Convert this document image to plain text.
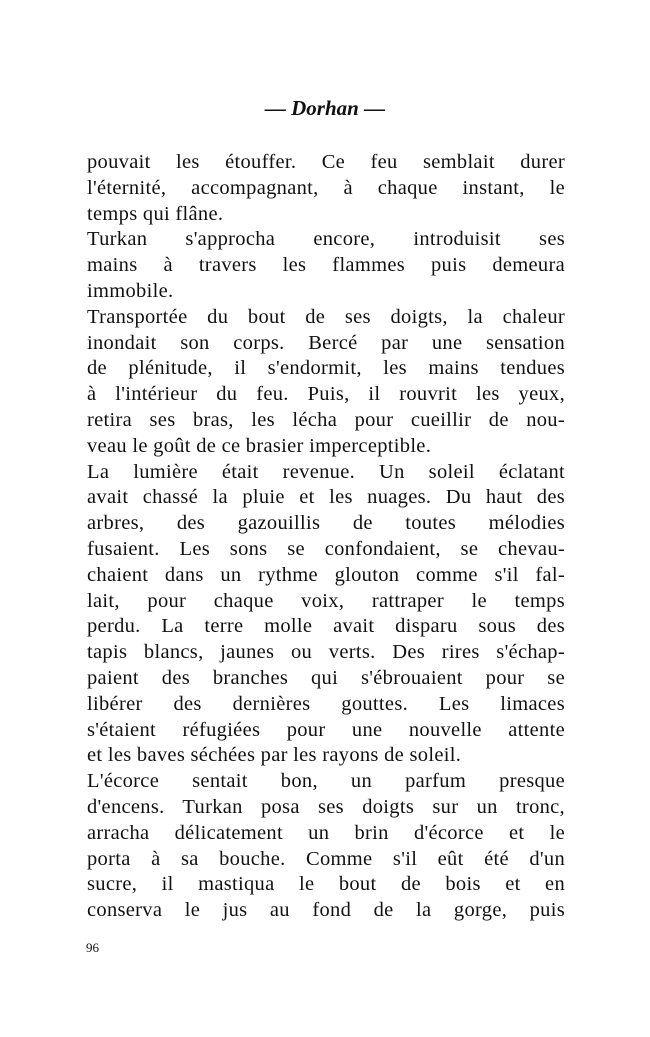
— Dorhan —
pouvait les étouffer. Ce feu semblait durer
l'éternité, accompagnant, à chaque instant, le
temps qui flâne.
Turkan s'approcha encore, introduisit ses
mains à travers les flammes puis demeura
immobile.
Transportée du bout de ses doigts, la chaleur
inondait son corps. Bercé par une sensation
de plénitude, il s'endormit, les mains tendues
à l'intérieur du feu. Puis, il rouvrit les yeux,
retira ses bras, les lécha pour cueillir de nou-
veau le goût de ce brasier imperceptible.
La lumière était revenue. Un soleil éclatant
avait chassé la pluie et les nuages. Du haut des
arbres, des gazouillis de toutes mélodies
fusaient. Les sons se confondaient, se chevau-
chaient dans un rythme glouton comme s'il fal-
lait, pour chaque voix, rattraper le temps
perdu. La terre molle avait disparu sous des
tapis blancs, jaunes ou verts. Des rires s'échap-
paient des branches qui s'ébrouaient pour se
libérer des dernières gouttes. Les limaces
s'étaient réfugiées pour une nouvelle attente
et les baves séchées par les rayons de soleil.
L'écorce sentait bon, un parfum presque
d'encens. Turkan posa ses doigts sur un tronc,
arracha délicatement un brin d'écorce et le
porta à sa bouche. Comme s'il eût été d'un
sucre, il mastiqua le bout de bois et en
conserva le jus au fond de la gorge, puis
96
